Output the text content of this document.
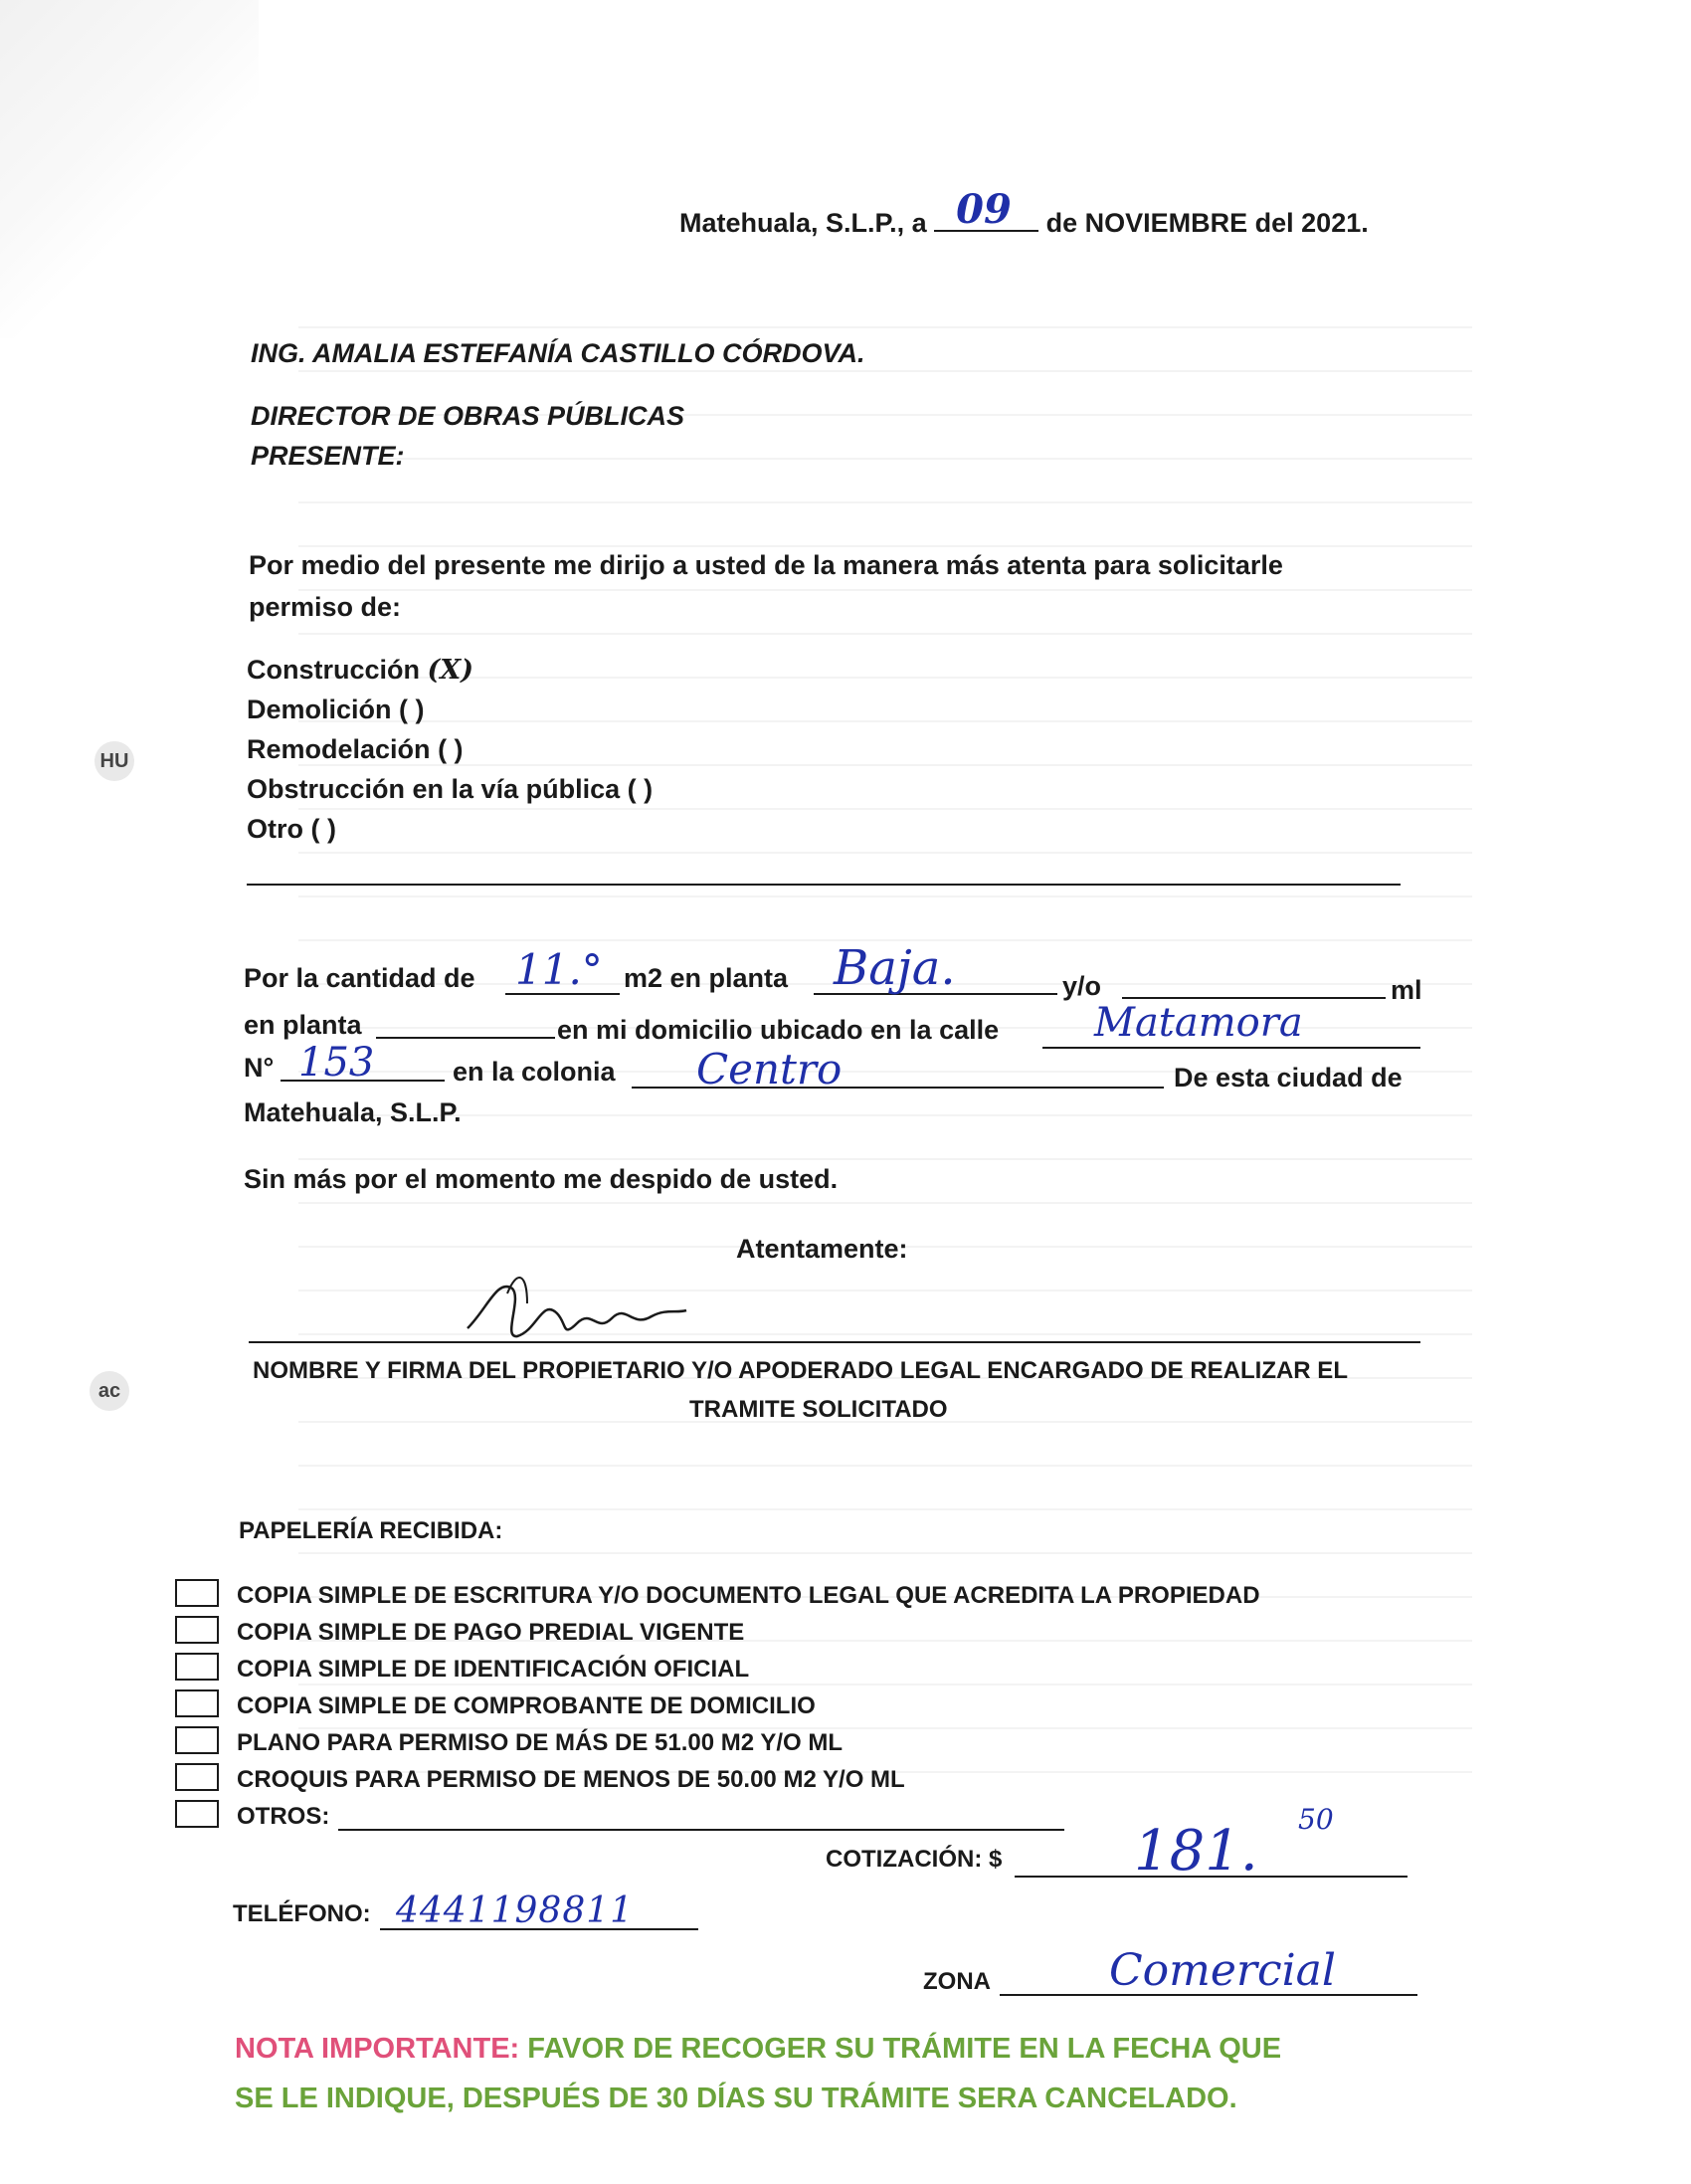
HU
ac
Matehuala, S.L.P., a 09 de NOVIEMBRE del 2021.
ING. AMALIA ESTEFANÍA CASTILLO CÓRDOVA.
DIRECTOR DE OBRAS PÚBLICAS
PRESENTE:
Por medio del presente me dirijo a usted de la manera más atenta para solicitarle
permiso de:
Construcción (X)
Demolición ( )
Remodelación ( )
Obstrucción en la vía pública ( )
Otro ( )
Por la cantidad de 11.° m2 en planta Baja.	y/o	ml
en planta	en mi domicilio ubicado en la calle Matamora
N° 153	en la colonia Centro	De esta ciudad de
Matehuala, S.L.P.
Sin más por el momento me despido de usted.
Atentamente:
NOMBRE Y FIRMA DEL PROPIETARIO Y/O APODERADO LEGAL ENCARGADO DE REALIZAR EL
TRAMITE SOLICITADO
PAPELERÍA RECIBIDA:
COPIA SIMPLE DE ESCRITURA Y/O DOCUMENTO LEGAL QUE ACREDITA LA PROPIEDAD
COPIA SIMPLE DE PAGO PREDIAL VIGENTE
COPIA SIMPLE DE IDENTIFICACIÓN OFICIAL
COPIA SIMPLE DE COMPROBANTE DE DOMICILIO
PLANO PARA PERMISO DE MÁS DE 51.00 M2 Y/O ML
CROQUIS PARA PERMISO DE MENOS DE 50.00 M2 Y/O ML
OTROS:
COTIZACIÓN: $ 181. 50
TELÉFONO: 4441198811
ZONA	Comercial
NOTA IMPORTANTE: FAVOR DE RECOGER SU TRÁMITE EN LA FECHA QUE
SE LE INDIQUE, DESPUÉS DE 30 DÍAS SU TRÁMITE SERA CANCELADO.
